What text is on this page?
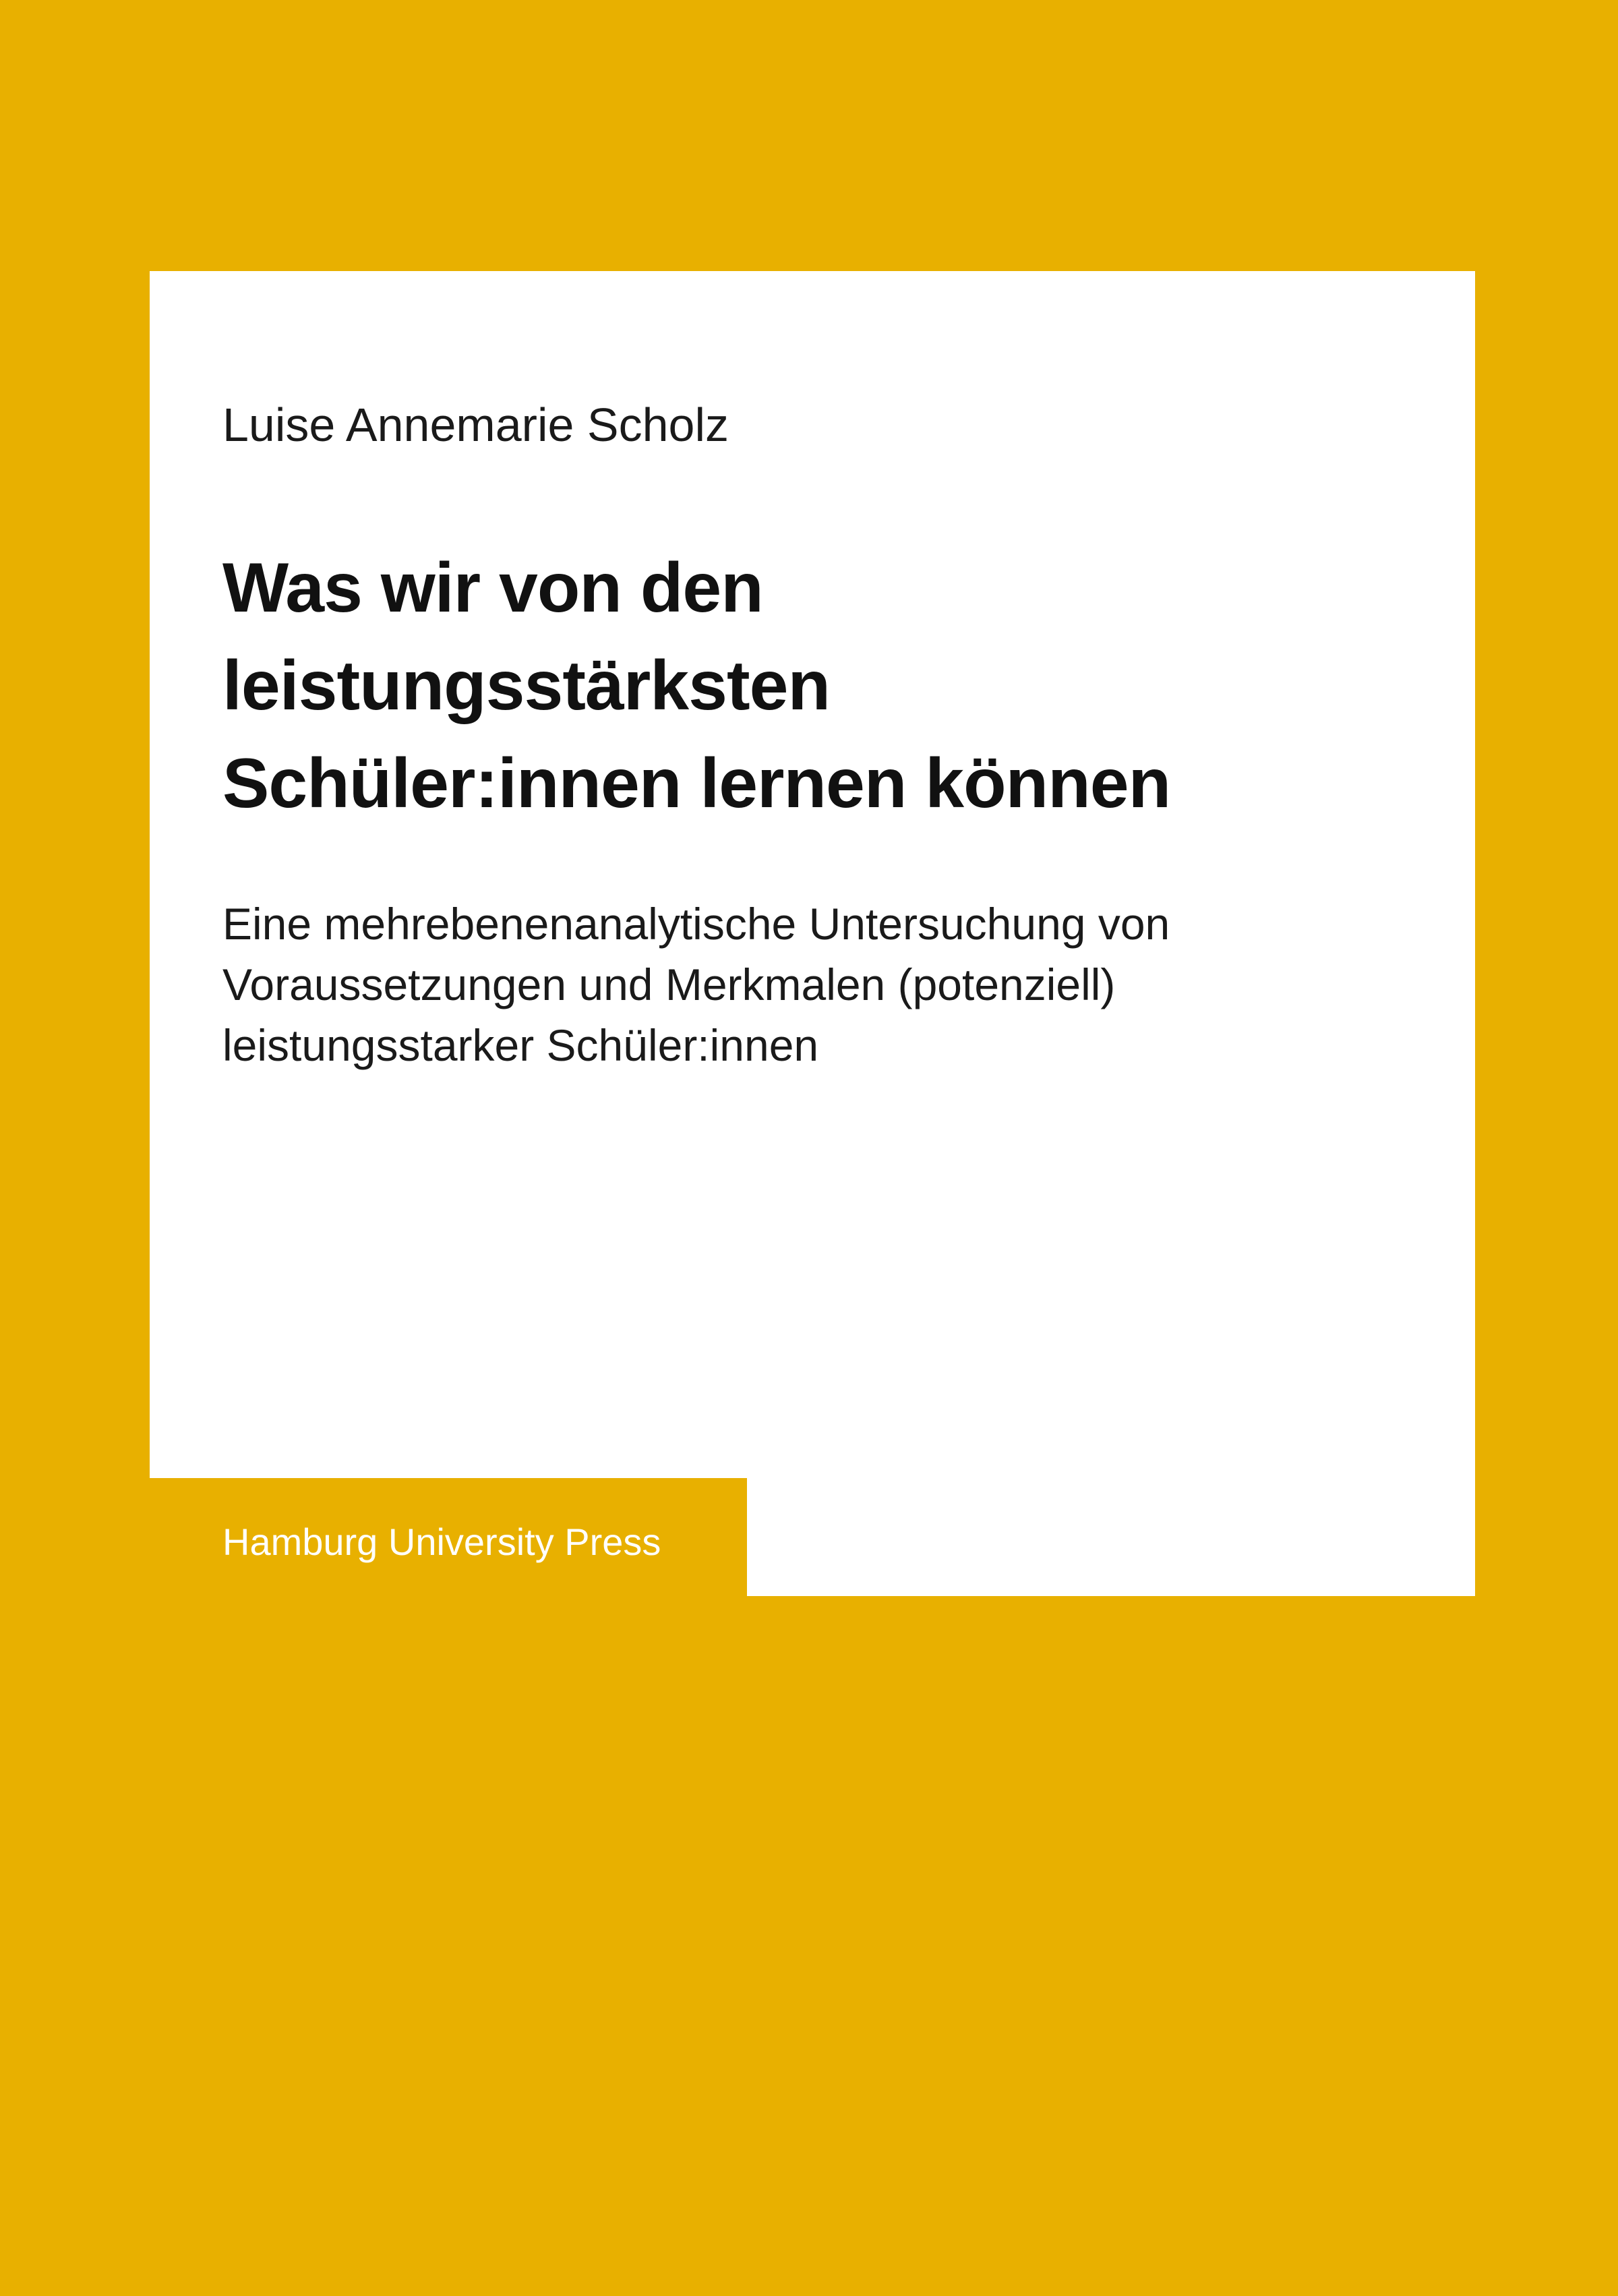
Luise Annemarie Scholz
Was wir von den
leistungsstärksten
Schüler:innen lernen können
Eine mehrebenenanalytische Untersuchung von
Voraussetzungen und Merkmalen (potenziell)
leistungsstarker Schüler:innen
Hamburg University Press
